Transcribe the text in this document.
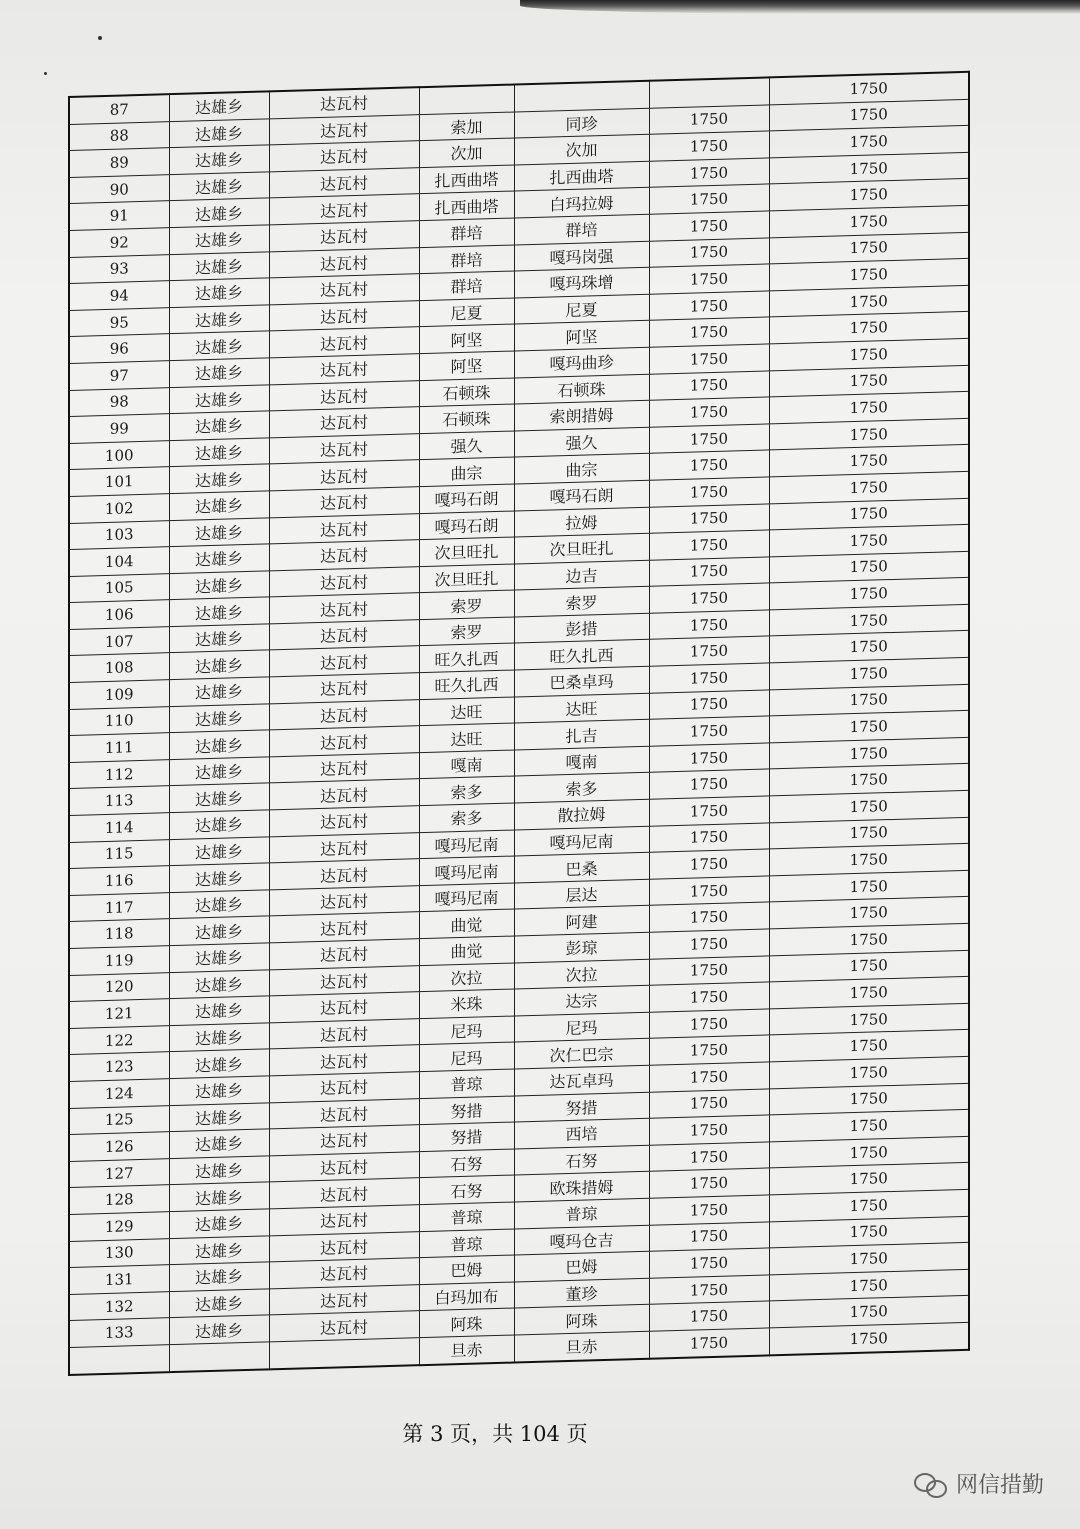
87	达雄乡	达瓦村				1750
88	达雄乡	达瓦村	索加	同珍	1750	1750
89	达雄乡	达瓦村	次加	次加	1750	1750
90	达雄乡	达瓦村	扎西曲塔	扎西曲塔	1750	1750
91	达雄乡	达瓦村	扎西曲塔	白玛拉姆	1750	1750
92	达雄乡	达瓦村	群培	群培	1750	1750
93	达雄乡	达瓦村	群培	嘎玛岗强	1750	1750
94	达雄乡	达瓦村	群培	嘎玛珠增	1750	1750
95	达雄乡	达瓦村	尼夏	尼夏	1750	1750
96	达雄乡	达瓦村	阿坚	阿坚	1750	1750
97	达雄乡	达瓦村	阿坚	嘎玛曲珍	1750	1750
98	达雄乡	达瓦村	石顿珠	石顿珠	1750	1750
99	达雄乡	达瓦村	石顿珠	索朗措姆	1750	1750
100	达雄乡	达瓦村	强久	强久	1750	1750
101	达雄乡	达瓦村	曲宗	曲宗	1750	1750
102	达雄乡	达瓦村	嘎玛石朗	嘎玛石朗	1750	1750
103	达雄乡	达瓦村	嘎玛石朗	拉姆	1750	1750
104	达雄乡	达瓦村	次旦旺扎	次旦旺扎	1750	1750
105	达雄乡	达瓦村	次旦旺扎	边吉	1750	1750
106	达雄乡	达瓦村	索罗	索罗	1750	1750
107	达雄乡	达瓦村	索罗	彭措	1750	1750
108	达雄乡	达瓦村	旺久扎西	旺久扎西	1750	1750
109	达雄乡	达瓦村	旺久扎西	巴桑卓玛	1750	1750
110	达雄乡	达瓦村	达旺	达旺	1750	1750
111	达雄乡	达瓦村	达旺	扎吉	1750	1750
112	达雄乡	达瓦村	嘎南	嘎南	1750	1750
113	达雄乡	达瓦村	索多	索多	1750	1750
114	达雄乡	达瓦村	索多	散拉姆	1750	1750
115	达雄乡	达瓦村	嘎玛尼南	嘎玛尼南	1750	1750
116	达雄乡	达瓦村	嘎玛尼南	巴桑	1750	1750
117	达雄乡	达瓦村	嘎玛尼南	层达	1750	1750
118	达雄乡	达瓦村	曲觉	阿建	1750	1750
119	达雄乡	达瓦村	曲觉	彭琼	1750	1750
120	达雄乡	达瓦村	次拉	次拉	1750	1750
121	达雄乡	达瓦村	米珠	达宗	1750	1750
122	达雄乡	达瓦村	尼玛	尼玛	1750	1750
123	达雄乡	达瓦村	尼玛	次仁巴宗	1750	1750
124	达雄乡	达瓦村	普琼	达瓦卓玛	1750	1750
125	达雄乡	达瓦村	努措	努措	1750	1750
126	达雄乡	达瓦村	努措	西培	1750	1750
127	达雄乡	达瓦村	石努	石努	1750	1750
128	达雄乡	达瓦村	石努	欧珠措姆	1750	1750
129	达雄乡	达瓦村	普琼	普琼	1750	1750
130	达雄乡	达瓦村	普琼	嘎玛仓吉	1750	1750
131	达雄乡	达瓦村	巴姆	巴姆	1750	1750
132	达雄乡	达瓦村	白玛加布	董珍	1750	1750
133	达雄乡	达瓦村	阿珠	阿珠	1750	1750
			旦赤	旦赤	1750	1750
第 3 页，共 104 页
网信措勤
